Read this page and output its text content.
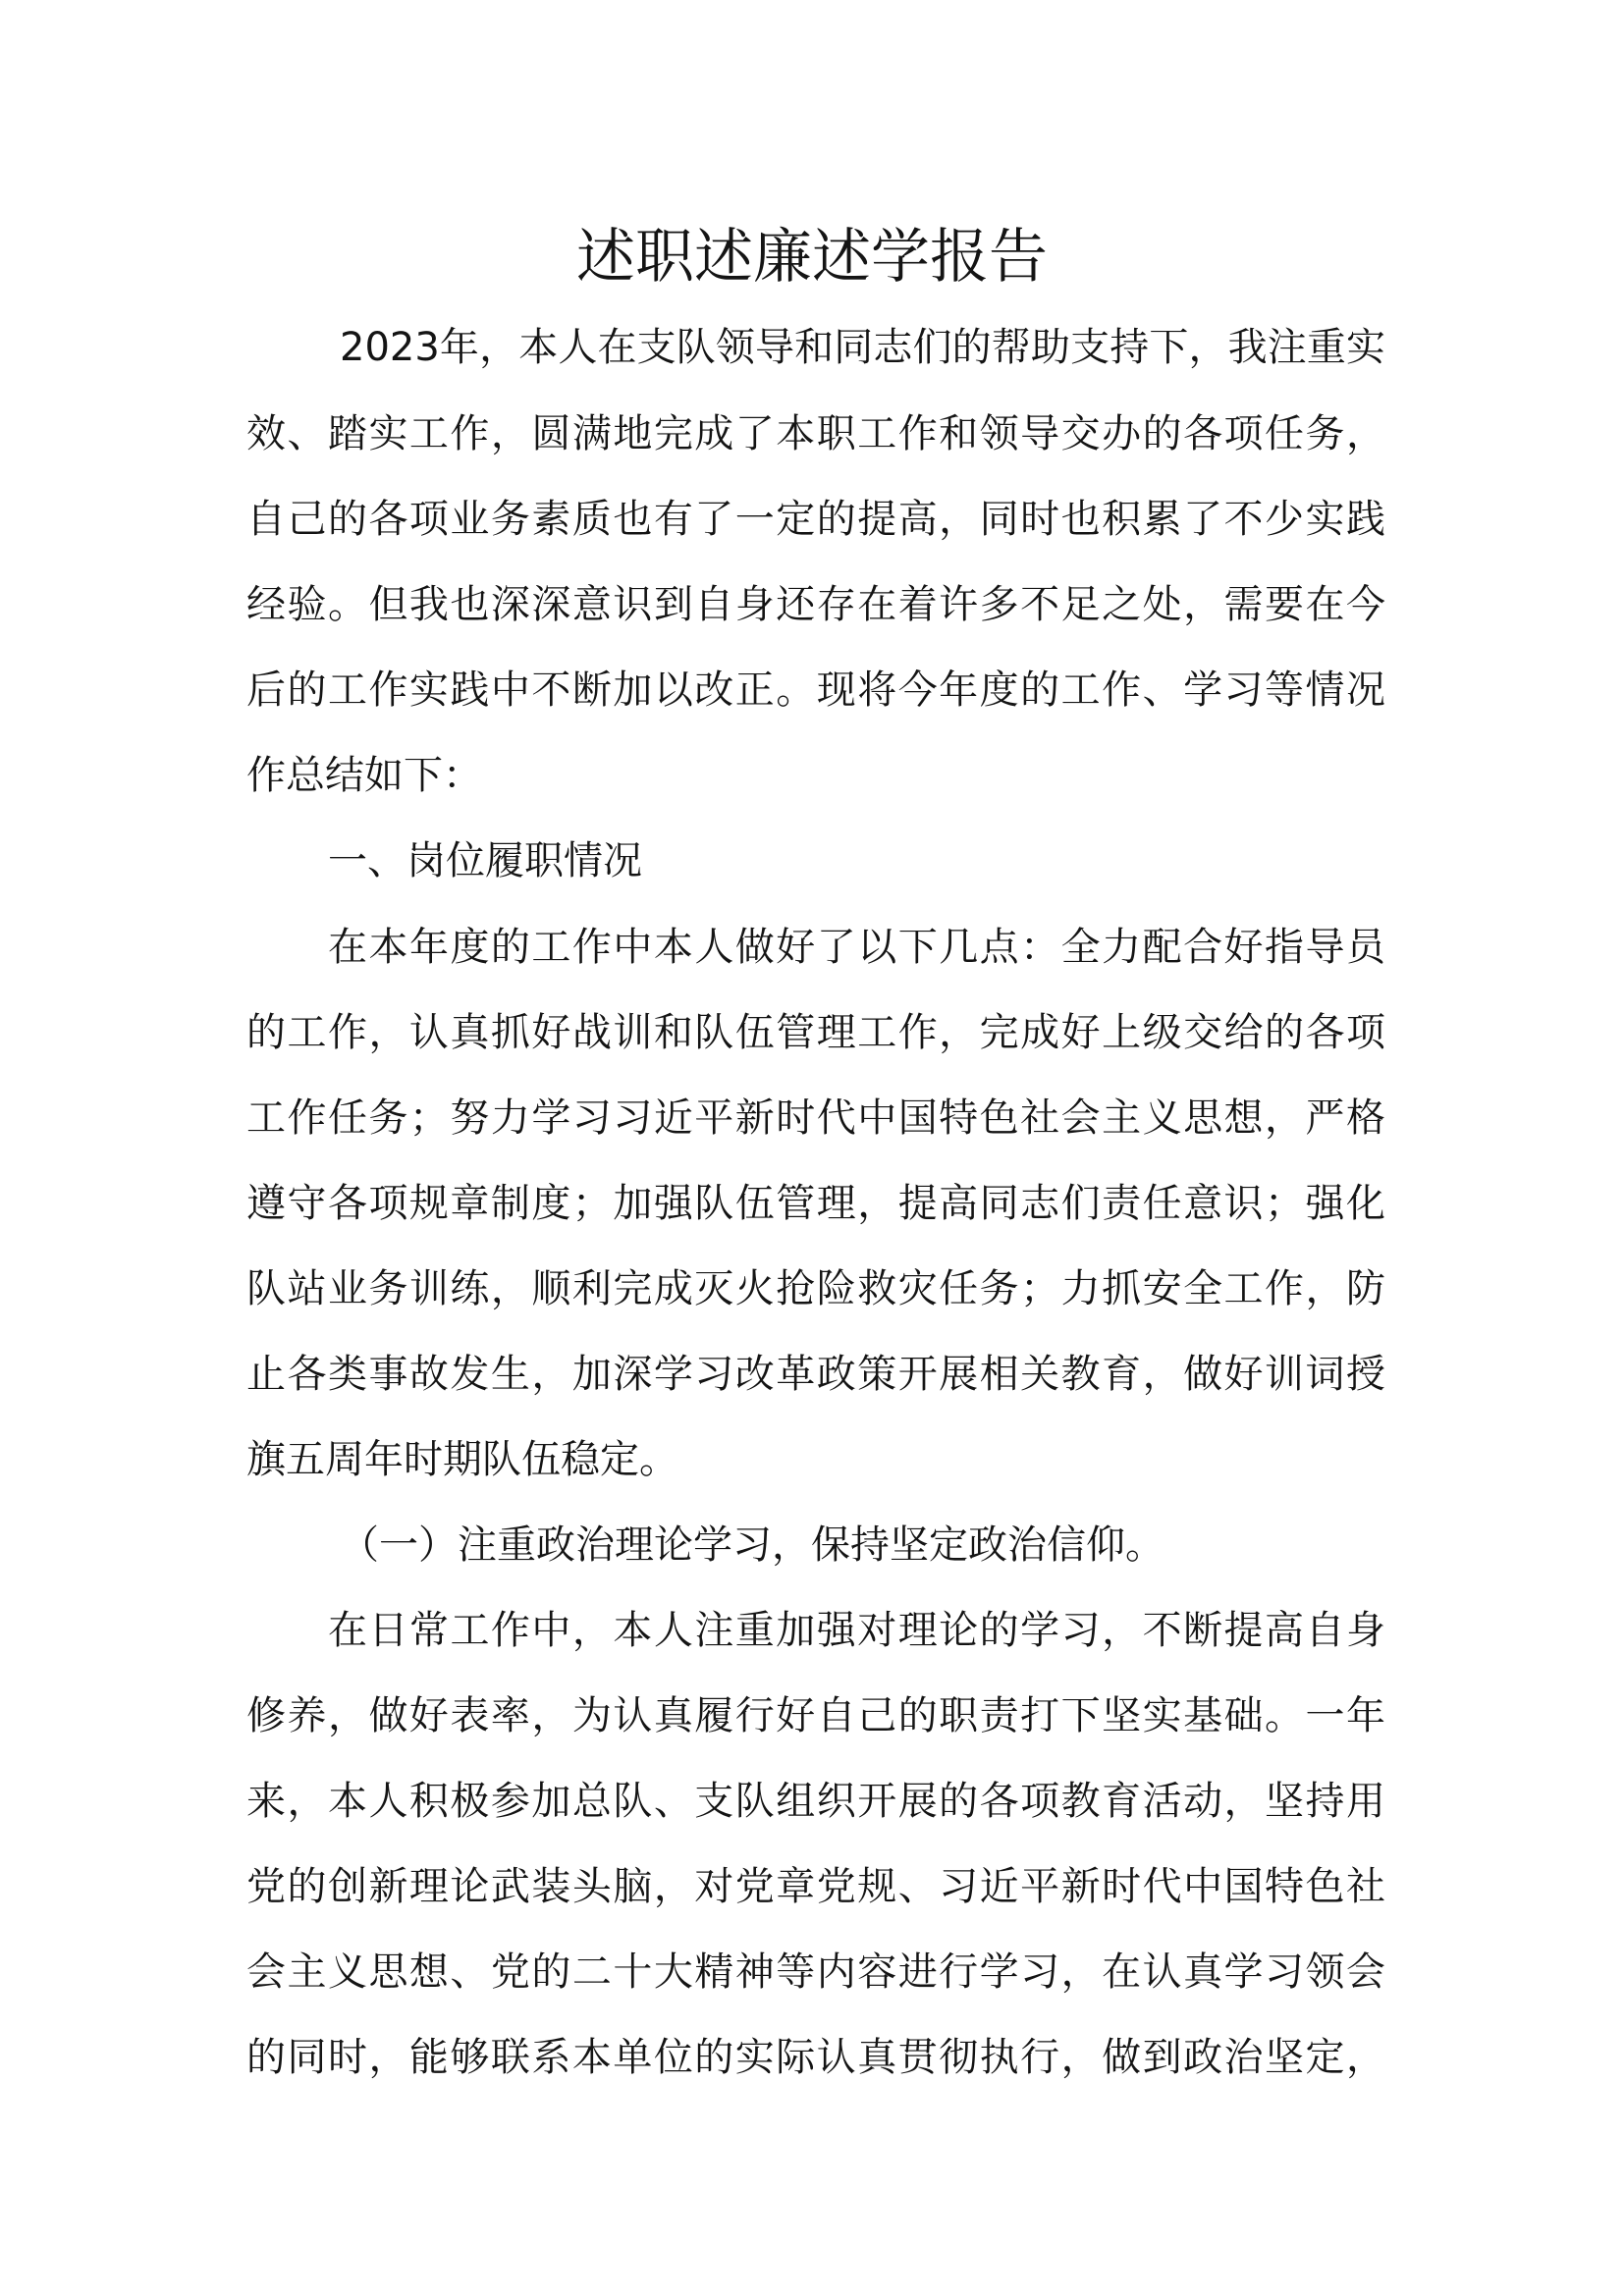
述职述廉述学报告
2023年，本人在支队领导和同志们的帮助支持下，我注重实
效、踏实工作，圆满地完成了本职工作和领导交办的各项任务，
自己的各项业务素质也有了一定的提高，同时也积累了不少实践
经验。但我也深深意识到自身还存在着许多不足之处，需要在今
后的工作实践中不断加以改正。现将今年度的工作、学习等情况
作总结如下：
一、岗位履职情况
在本年度的工作中本人做好了以下几点：全力配合好指导员
的工作，认真抓好战训和队伍管理工作，完成好上级交给的各项
工作任务；努力学习习近平新时代中国特色社会主义思想，严格
遵守各项规章制度；加强队伍管理，提高同志们责任意识；强化
队站业务训练，顺利完成灭火抢险救灾任务；力抓安全工作，防
止各类事故发生，加深学习改革政策开展相关教育，做好训词授
旗五周年时期队伍稳定。
（一）注重政治理论学习，保持坚定政治信仰。
在日常工作中，本人注重加强对理论的学习，不断提高自身
修养，做好表率，为认真履行好自己的职责打下坚实基础。一年
来，本人积极参加总队、支队组织开展的各项教育活动，坚持用
党的创新理论武装头脑，对党章党规、习近平新时代中国特色社
会主义思想、党的二十大精神等内容进行学习，在认真学习领会
的同时，能够联系本单位的实际认真贯彻执行，做到政治坚定，
